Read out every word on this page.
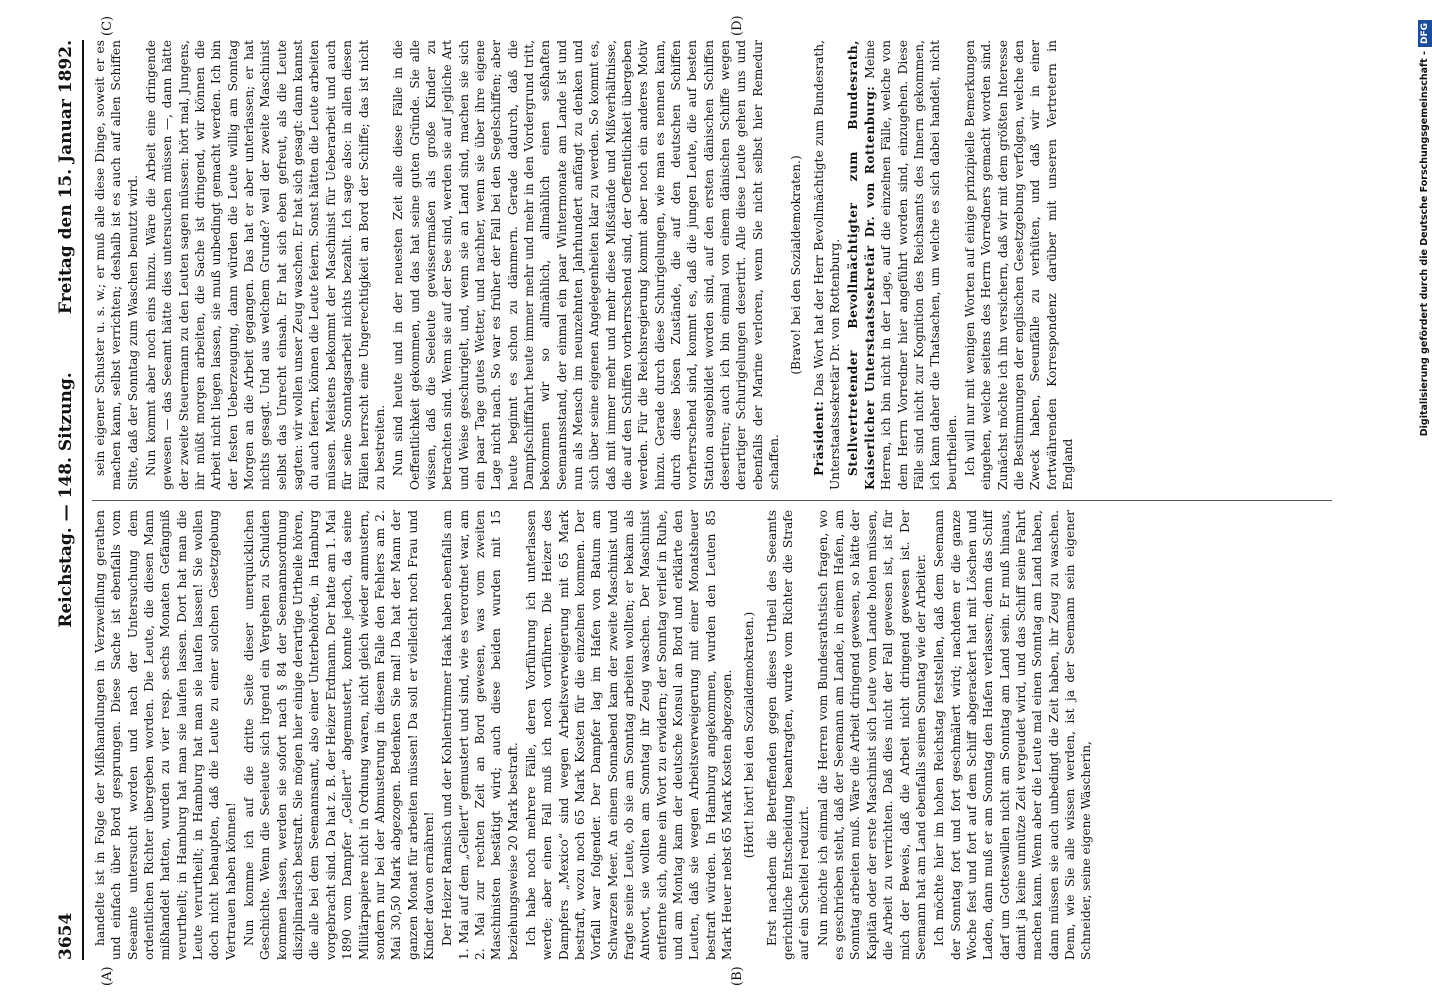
3654
Reichstag. — 148. Sitzung.
Freitag den 15. Januar 1892.
(A)	(B)
(C)	(D)

handelte ist in Folge der Mißhandlungen in Verzweiflung gerathen und einfach über Bord gesprungen. Diese Sache ist ebenfalls vom Seeamte untersucht worden und nach der Untersuchung dem ordentlichen Richter übergeben worden. Die Leute, die diesen Mann mißhandelt hatten, wurden zu vier resp. sechs Monaten Gefängniß verurtheilt; in Hamburg hat man sie laufen lassen. Dort hat man die Leute verurtheilt; in Hamburg hat man sie laufen lassen! Sie wollen doch nicht behaupten, daß die Leute zu einer solchen Gesetzgebung Vertrauen haben können! Nun komme ich auf die dritte Seite dieser unerquicklichen Geschichte. Wenn die Seeleute sich irgend ein Vergehen zu Schulden kommen lassen, werden sie sofort nach § 84 der Seemannsordnung disziplinarisch bestraft. Sie mögen hier einige derartige Urtheile hören, die alle bei dem Seemannsamt, also einer Unterbehörde, in Hamburg vorgebracht sind. Da hat z. B. der Heizer Erdmann. Der hatte am 1. Mai 1890 vom Dampfer „Gellert“ abgemustert, konnte jedoch, da seine Militärpapiere nicht in Ordnung waren, nicht gleich wieder anmustern, sondern nur bei der Abmusterung in diesem Falle den Fehlers am 2. Mai 30,50 Mark abgezogen. Bedenken Sie mal! Da hat der Mann der ganzen Monat für arbeiten müssen! Da soll er vielleicht noch Frau und Kinder davon ernähren! Der Heizer Ramisch und der Kohlentrimmer Haak haben ebenfalls am 1. Mai auf dem „Gellert“ gemustert und sind, wie es verordnet war, am 2. Mai zur rechten Zeit an Bord gewesen, was vom zweiten Maschinisten bestätigt wird; auch diese beiden wurden mit 15 beziehungsweise 20 Mark bestraft. Ich habe noch mehrere Fälle, deren Vorführung ich unterlassen werde; aber einen Fall muß ich noch vorführen. Die Heizer des Dampfers „Mexico“ sind wegen Arbeitsverweigerung mit 65 Mark bestraft, wozu noch 65 Mark Kosten für die einzelnen kommen. Der Vorfall war folgender. Der Dampfer lag im Hafen von Batum am Schwarzen Meer. An einem Sonnabend kam der zweite Maschinist und fragte seine Leute, ob sie am Sonntag arbeiten wollten; er bekam als Antwort, sie wollten am Sonntag ihr Zeug waschen. Der Maschinist entfernte sich, ohne ein Wort zu erwidern; der Sonntag verlief in Ruhe, und am Montag kam der deutsche Konsul an Bord und erklärte den Leuten, daß sie wegen Arbeitsverweigerung mit einer Monatsheuer bestraft würden. In Hamburg angekommen, wurden den Leuten 85 Mark Heuer nebst 65 Mark Kosten abgezogen. (Hört! hört! bei den Sozialdemokraten.) Erst nachdem die Betreffenden gegen dieses Urtheil des Seeamts gerichtliche Entscheidung beantragten, wurde vom Richter die Strafe auf ein Scheitel reduzirt. Nun möchte ich einmal die Herren vom Bundesrathstisch fragen, wo es geschrieben steht, daß der Seemann am Lande, in einem Hafen, am Sonntag arbeiten muß. Wäre die Arbeit dringend gewesen, so hätte der Kapitän oder der erste Maschinist sich Leute vom Lande holen müssen, die Arbeit zu verrichten. Daß dies nicht der Fall gewesen ist, ist für mich der Beweis, daß die Arbeit nicht dringend gewesen ist. Der Seemann hat am Land ebenfalls seinen Sonntag wie der Arbeiter. Ich möchte hier im hohen Reichstag feststellen, daß dem Seemann der Sonntag fort und fort geschmälert wird; nachdem er die ganze Woche fest und fort auf dem Schiff abgerackert hat mit Löschen und Laden, dann muß er am Sonntag den Hafen verlassen; denn das Schiff darf um Gotteswillen nicht am Sonntag am Land sein. Er muß hinaus, damit ja keine unnütze Zeit vergeudet wird, und das Schiff seine Fahrt machen kann. Wenn aber die Leute mal einen Sonntag am Land haben, dann müssen sie auch unbedingt die Zeit haben, ihr Zeug zu waschen. Denn, wie Sie alle wissen werden, ist ja der Seemann sein eigener Schneider, seine eigene Wäscherin,

sein eigener Schuster u. s. w.; er muß alle diese Dinge, soweit er es machen kann, selbst verrichten; deshalb ist es auch auf allen Schiffen Sitte, daß der Sonntag zum Waschen benutzt wird. Nun kommt aber noch eins hinzu. Wäre die Arbeit eine dringende gewesen — das Seeamt hätte dies untersuchen müssen —, dann hätte der zweite Steuermann zu den Leuten sagen müssen: hört mal, Jungens, ihr müßt morgen arbeiten, die Sache ist dringend, wir können die Arbeit nicht liegen lassen, sie muß unbedingt gemacht werden. Ich bin der festen Ueberzeugung, dann würden die Leute willig am Sonntag Morgen an die Arbeit gegangen. Das hat er aber unterlassen; er hat nichts gesagt. Und aus welchem Grunde? weil der zweite Maschinist selbst das Unrecht einsah. Er hat sich eben gefreut, als die Leute sagten: wir wollen unser Zeug waschen. Er hat sich gesagt: dann kannst du auch feiern, können die Leute feiern. Sonst hätten die Leute arbeiten müssen. Meistens bekommt der Maschinist für Ueberarbeit und auch für seine Sonntagsarbeit nichts bezahlt. Ich sage also: in allen diesen Fällen herrscht eine Ungerechtigkeit an Bord der Schiffe; das ist nicht zu bestreiten. Nun sind heute und in der neuesten Zeit alle diese Fälle in die Oeffentlichkeit gekommen, und das hat seine guten Gründe. Sie alle wissen, daß die Seeleute gewissermaßen als große Kinder zu betrachten sind. Wenn sie auf der See sind, werden sie auf jegliche Art und Weise geschurigelt, und, wenn sie an Land sind, machen sie sich ein paar Tage gutes Wetter, und nachher, wenn sie über ihre eigene Lage nicht nach. So war es früher der Fall bei den Segelschiffen; aber heute beginnt es schon zu dämmern. Gerade dadurch, daß die Dampfschifffahrt heute immer mehr und mehr in den Vordergrund tritt, bekommen wir so allmählich, allmählich einen seßhaften Seemannsstand, der einmal ein paar Wintermonate am Lande ist und nun als Mensch im neunzehnten Jahrhundert anfängt zu denken und sich über seine eigenen Angelegenheiten klar zu werden. So kommt es, daß mit immer mehr und mehr diese Mißstände und Mißverhältnisse, die auf den Schiffen vorherrschend sind, der Oeffentlichkeit übergeben werden. Für die Reichsregierung kommt aber noch ein anderes Motiv hinzu. Gerade durch diese Schurigelungen, wie man es nennen kann, durch diese bösen Zustände, die auf den deutschen Schiffen vorherrschend sind, kommt es, daß die jungen Leute, die auf besten Station ausgebildet worden sind, auf den ersten dänischen Schiffen desertiren; auch ich bin einmal von einem dänischen Schiffe wegen derartiger Schurigelungen desertirt. Alle diese Leute gehen uns und ebenfalls der Marine verloren, wenn Sie nicht selbst hier Remedur schaffen.

(Bravo! bei den Sozialdemokraten.)

Präsident: Das Wort hat der Herr Bevollmächtigte zum Bundesrath, Unterstaatssekretär Dr. von Rottenburg. Stellvertretender Bevollmächtigter zum Bundesrath, Kaiserlicher Unterstaatssekretär Dr. von Rottenburg: Meine Herren, ich bin nicht in der Lage, auf die einzelnen Fälle, welche von dem Herrn Vorredner hier angeführt worden sind, einzugehen. Diese Fälle sind nicht zur Kognition des Reichsamts des Innern gekommen, ich kann daher die Thatsachen, um welche es sich dabei handelt, nicht beurtheilen. Ich will nur mit wenigen Worten auf einige prinzipielle Bemerkungen eingehen, welche seitens des Herrn Vorredners gemacht worden sind. Zunächst möchte ich ihn versichern, daß wir mit dem größten Interesse die Bestimmungen der englischen Gesetzgebung verfolgen, welche den Zweck haben, Seeunfälle zu verhüten, und daß wir in einer fortwährenden Korrespondenz darüber mit unseren Vertretern in England

Digitalisierung gefördert durch die Deutsche Forschungsgemeinschaft -DFG
